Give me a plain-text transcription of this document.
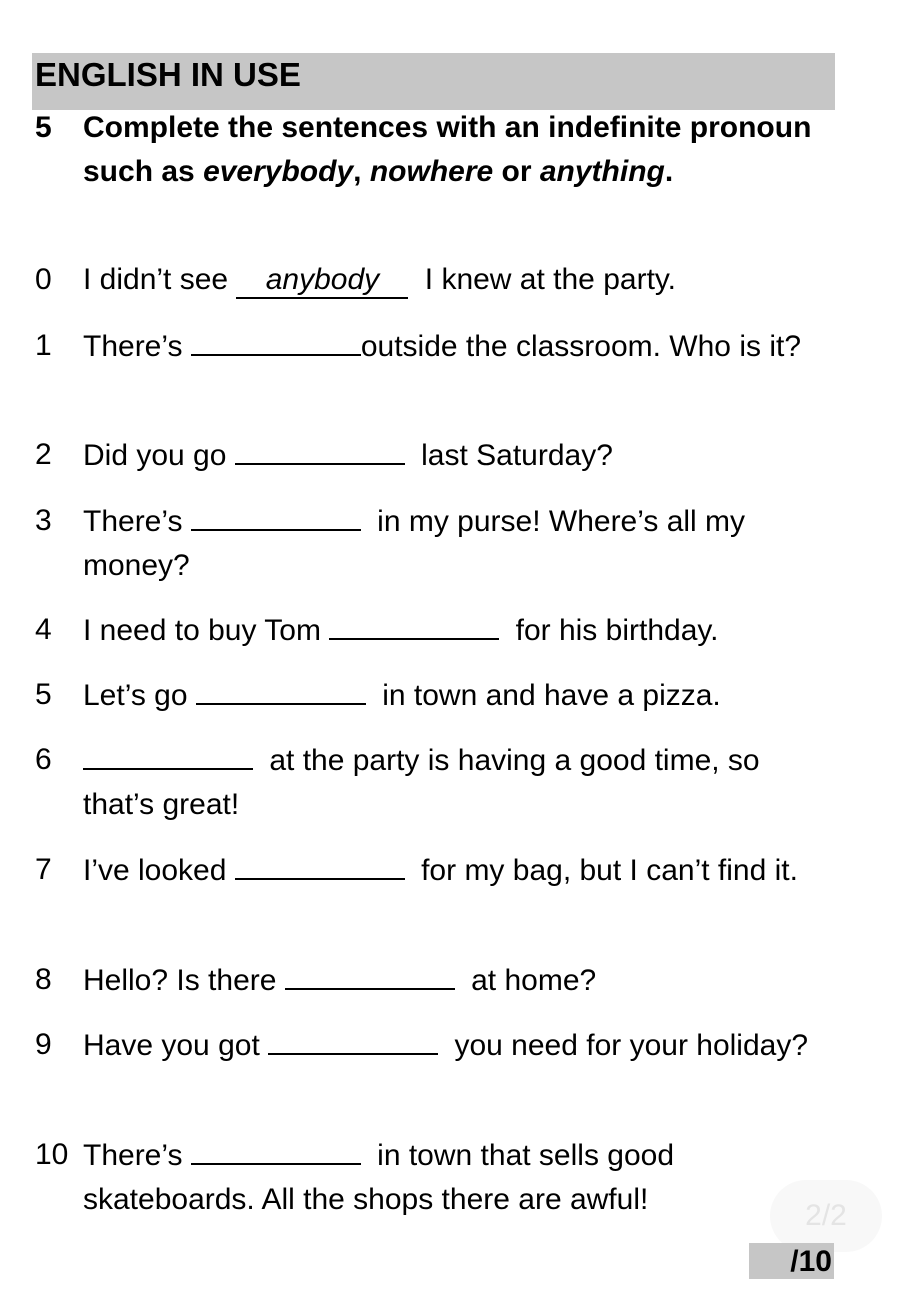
ENGLISH IN USE
5 Complete the sentences with an indefinite pronoun such as everybody, nowhere or anything.

0 I didn’t see anybody I knew at the party.

1 There’s	outside the classroom. Who is it?

2 Did you go	last Saturday?

3 There’s	in my purse! Where’s all my money?

4 I need to buy Tom	for his birthday.

5 Let’s go	in town and have a pizza.

6	at the party is having a good time, so that’s great!

7 I’ve looked	for my bag, but I can’t find it.

8 Hello? Is there	at home?

9 Have you got	you need for your holiday?

10 There’s	in town that sells good skateboards. All the shops there are awful!	2/2
/10
